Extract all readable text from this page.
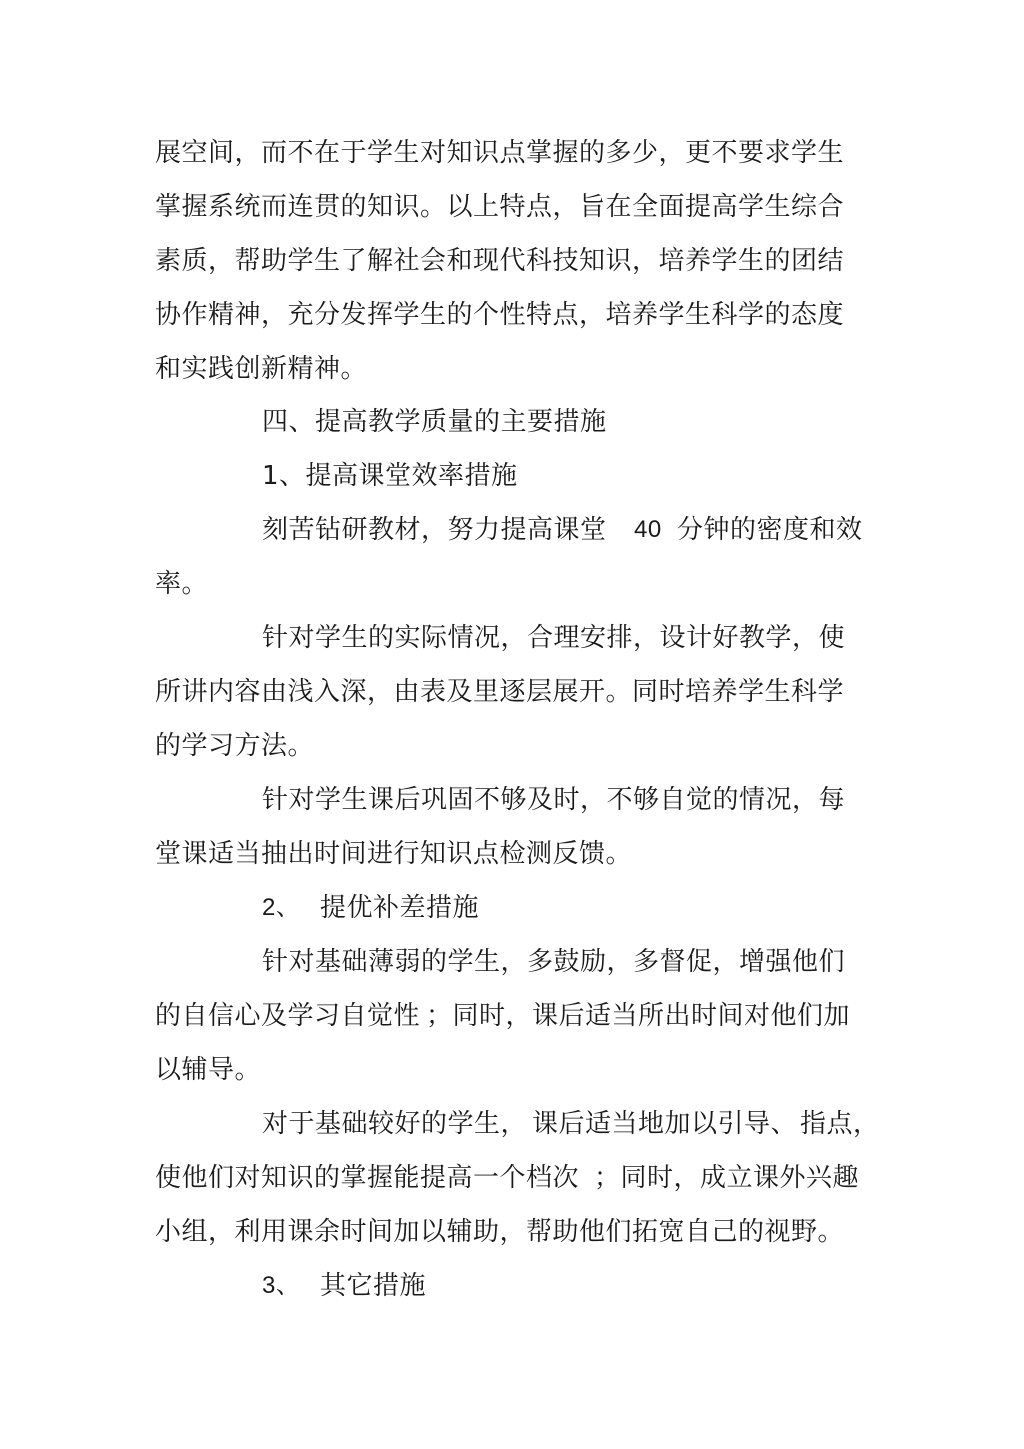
展空间，而不在于学生对知识点掌握的多少，更不要求学生
掌握系统而连贯的知识。以上特点，旨在全面提高学生综合
素质，帮助学生了解社会和现代科技知识，培养学生的团结
协作精神，充分发挥学生的个性特点，培养学生科学的态度
和实践创新精神。
四、提高教学质量的主要措施
1、提高课堂效率措施
刻苦钻研教材，努力提高课堂 40 分钟的密度和效
率。
针对学生的实际情况，合理安排，设计好教学，使
所讲内容由浅入深，由表及里逐层展开。同时培养学生科学
的学习方法。
针对学生课后巩固不够及时，不够自觉的情况，每
堂课适当抽出时间进行知识点检测反馈。
2、 提优补差措施
针对基础薄弱的学生，多鼓励，多督促，增强他们
的自信心及学习自觉性 ；同时，课后适当所出时间对他们加
以辅导。
对于基础较好的学生， 课后适当地加以引导、 指点，
使他们对知识的掌握能提高一个档次 ；同时，成立课外兴趣
小组，利用课余时间加以辅助，帮助他们拓宽自己的视野。
3、 其它措施
